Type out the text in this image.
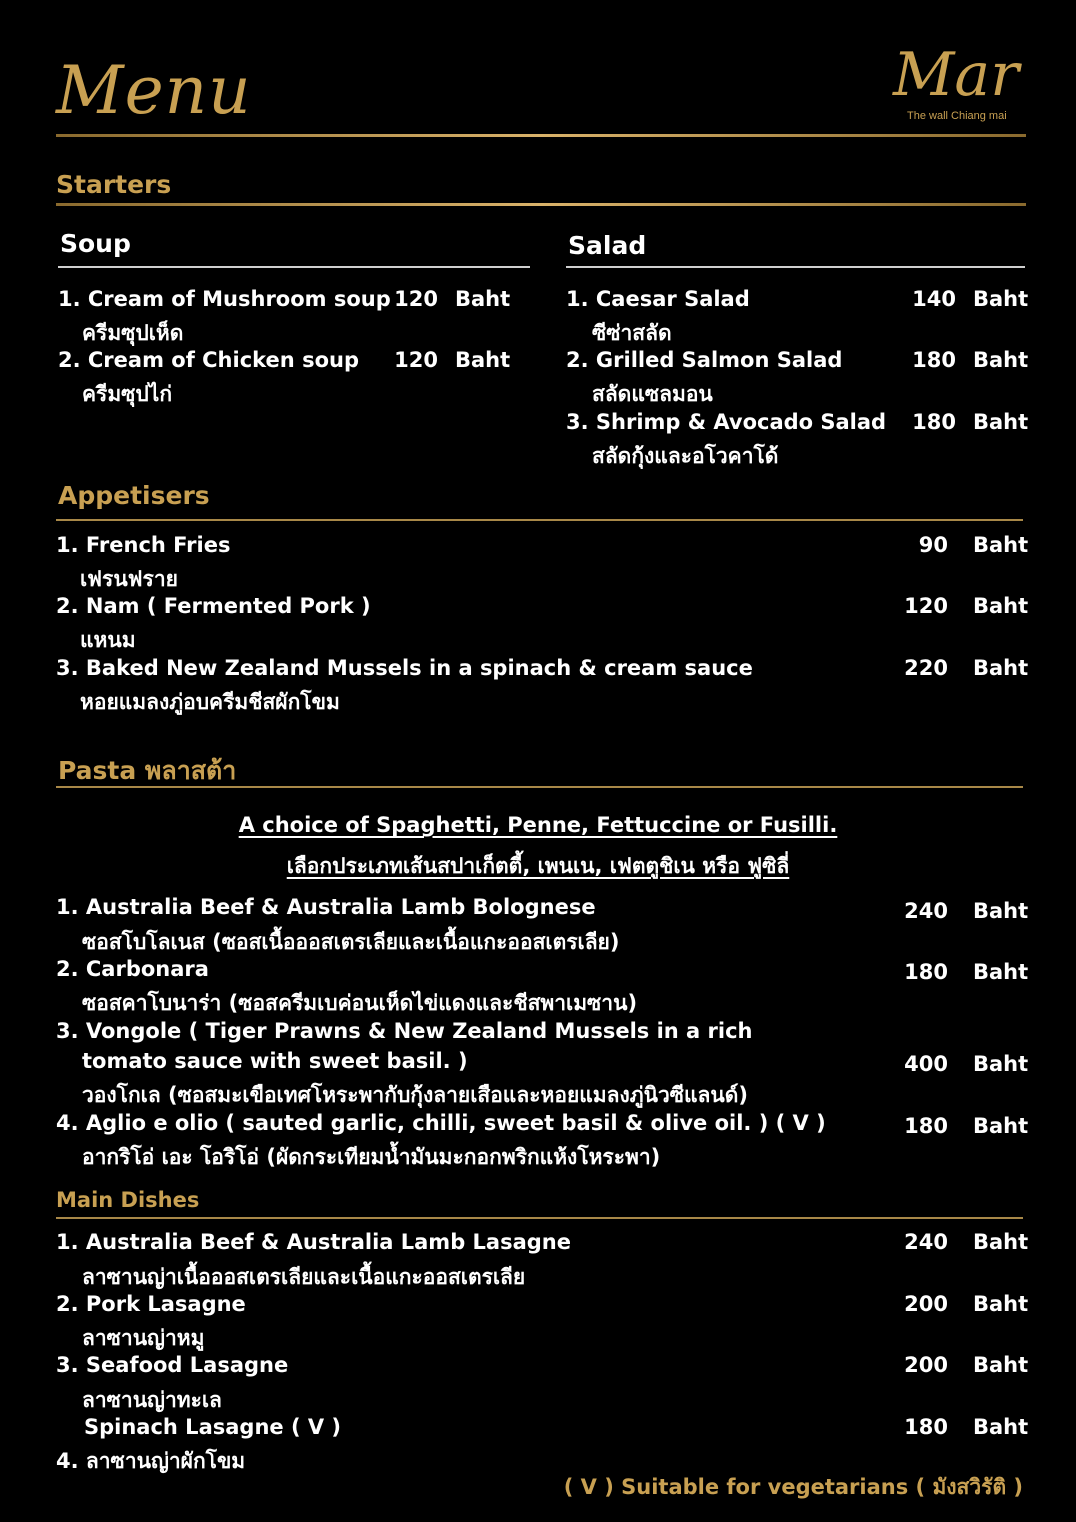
Menu	Mar
The wall Chiang mai
Starters
Soup
1. Cream of Mushroom soup 120 Baht
ครีมซุปเห็ด
2. Cream of Chicken soup	120 Baht
ครีมซุปไก่
Salad
1. Caesar Salad	140 Baht
ซีซ่าสลัด
2. Grilled Salmon Salad	180 Baht
สลัดแซลมอน
3. Shrimp & Avocado Salad	180 Baht
สลัดกุ้งและอโวคาโด้
Appetisers
1. French Fries	90 Baht
เฟรนฟราย
2. Nam ( Fermented Pork )	120 Baht
แหนม
3. Baked New Zealand Mussels in a spinach & cream sauce	220 Baht
หอยแมลงภู่อบครีมชีสผักโขม
Pasta พลาสต้า
A choice of Spaghetti, Penne, Fettuccine or Fusilli.
เลือกประเภทเส้นสปาเก็ตตี้, เพนเน, เฟตตูชิเน หรือ ฟูซิลี่
1. Australia Beef & Australia Lamb Bolognese	240 Baht
ซอสโบโลเนส (ซอสเนื้อออสเตรเลียและเนื้อแกะออสเตรเลีย)
2. Carbonara	180 Baht
ซอสคาโบนาร่า (ซอสครีมเบค่อนเห็ดไข่แดงและชีสพาเมซาน)
3. Vongole ( Tiger Prawns & New Zealand Mussels in a rich
tomato sauce with sweet basil. )	400 Baht
วองโกเล (ซอสมะเขือเทศโหระพากับกุ้งลายเสือและหอยแมลงภู่นิวซีแลนด์)
4. Aglio e olio ( sauted garlic, chilli, sweet basil & olive oil. ) ( V )	180 Baht
อากริโอ่ เอะ โอริโอ่ (ผัดกระเทียมน้ำมันมะกอกพริกแห้งโหระพา)
Main Dishes
1. Australia Beef & Australia Lamb Lasagne	240 Baht
ลาซานญ่าเนื้อออสเตรเลียและเนื้อแกะออสเตรเลีย
2. Pork Lasagne	200 Baht
ลาซานญ่าหมู
3. Seafood Lasagne	200 Baht
ลาซานญ่าทะเล
Spinach Lasagne ( V )	180 Baht
4. ลาซานญ่าผักโขม
( V ) Suitable for vegetarians ( มังสวิรัติ )
